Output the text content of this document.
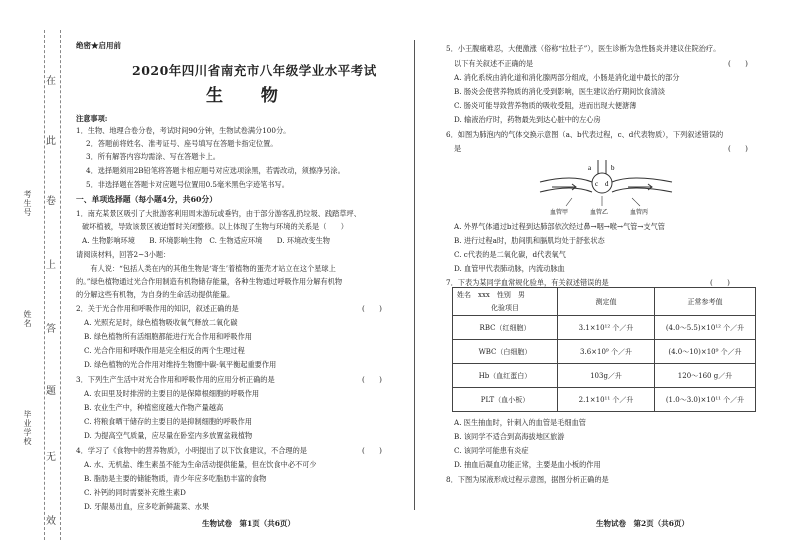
在
此
卷
上
答
题
无
效
考生号
姓名
毕业学校
绝密★启用前
2020年四川省南充市八年级学业水平考试
生 物
注意事项:
1．生物、地理合卷分卷，考试时间90分钟，生物试卷满分100分。
2．答题前将姓名、准考证号、座号填写在答题卡指定位置。
3．所有解答内容均需涂、写在答题卡上。
4．选择题须用2B铅笔将答题卡相应题号对应选项涂黑，若需改动，须擦净另涂。
5．非选择题在答题卡对应题号位置用0.5毫米黑色字迹笔书写。
一、单项选择题（每小题4分，共60分）
1．南充某景区吸引了大批游客利用周末游玩或垂钓，由于部分游客乱扔垃圾、践踏草坪、
破坏植被，导致该景区被迫暂时关闭整修。以上体现了生物与环境的关系是（　　）
A. 生物影响环境　　B. 环境影响生物　C. 生物适应环境　　D. 环境改变生物
请阅读材料，回答2~3小题：
　　有人说：“包括人类在内的其他生物是‘寄生’着植物的蛋壳才站立在这个星球上
的。”绿色植物通过光合作用制造有机物储存能量，各种生物通过呼吸作用分解有机物
的分解这些有机物，为自身的生命活动提供能量。
2．关于光合作用和呼吸作用的知识，叙述正确的是	(　　)
A. 光照充足时，绿色植物吸收氧气释放二氧化碳
B. 绿色植物所有活细胞都能进行光合作用和呼吸作用
C. 光合作用和呼吸作用是完全相反的两个生理过程
D. 绿色植物的光合作用对维持生物圈中碳-氧平衡起重要作用
3．下列生产生活中对光合作用和呼吸作用的应用分析正确的是	(　　)
A. 农田里及时排涝的主要目的是保障根细胞的呼吸作用
B. 农业生产中，种植密度越大作物产量越高
C. 将粮食晒干储存的主要目的是抑制细胞的呼吸作用
D. 为提高空气质量，应尽量在卧室内多放置盆栽植物
4．学习了《食物中的营养物质》，小明提出了以下饮食建议，不合理的是	(　　)
A. 水、无机盐、维生素虽不能为生命活动提供能量，但在饮食中必不可少
B. 脂肪是主要的储能物质，青少年应多吃脂肪丰富的食物
C. 补钙的同时需要补充维生素D
D. 牙龈易出血，应多吃新鲜蔬菜、水果
生物试卷　第1页（共6页）
5．小王腹痛难忍，大便激涨（俗称“拉肚子”），医生诊断为急性肠炎并建议住院治疗。
以下有关叙述不正确的是	(　　)
A. 消化系统由消化道和消化腺两部分组成，小肠是消化道中最长的部分
B. 肠炎会使营养物质的消化受到影响，医生建议治疗期间饮食清淡
C. 肠炎可能导致营养物质的吸收受阻，进而出现大便溏薄
D. 输液治疗时，药物最先到达心脏中的左心房
6．如图为肺泡内的气体交换示意图（a、b代表过程，c、d代表物质），下列叙述错误的
是	(　　)
a	b
c d
血管甲	血管乙	血管丙
A. 外界气体通过b过程到达肺部依次经过鼻→咽→喉→气管→支气管
B. 进行过程a时，肋间肌和膈肌均处于舒张状态
C. c代表的是二氧化碳，d代表氧气
D. 血管甲代表肺动脉，内流动脉血
7．下表为某同学血常规化验单，有关叙述错误的是	(　　)
A. 医生抽血时，针刺入的血管是毛细血管
B. 该同学不适合到高海拔地区旅游
C. 该同学可能患有炎症
D. 抽血后凝血功能正常，主要是血小板的作用
8．下图为尿液形成过程示意图，据图分析正确的是
生物试卷　第2页（共6页）
姓名　xxx　性别　男	测定值	正常参考值
化验项目		
RBC（红细胞）	3.1×10¹² 个／升	(4.0～5.5)×10¹² 个／升
WBC（白细胞）	3.6×10⁹ 个／升	(4.0～10)×10⁹ 个／升
Hb（血红蛋白）	103g／升	120～160 g／升
PLT（血小板）	2.1×10¹¹ 个／升	(1.0～3.0)×10¹¹ 个／升
